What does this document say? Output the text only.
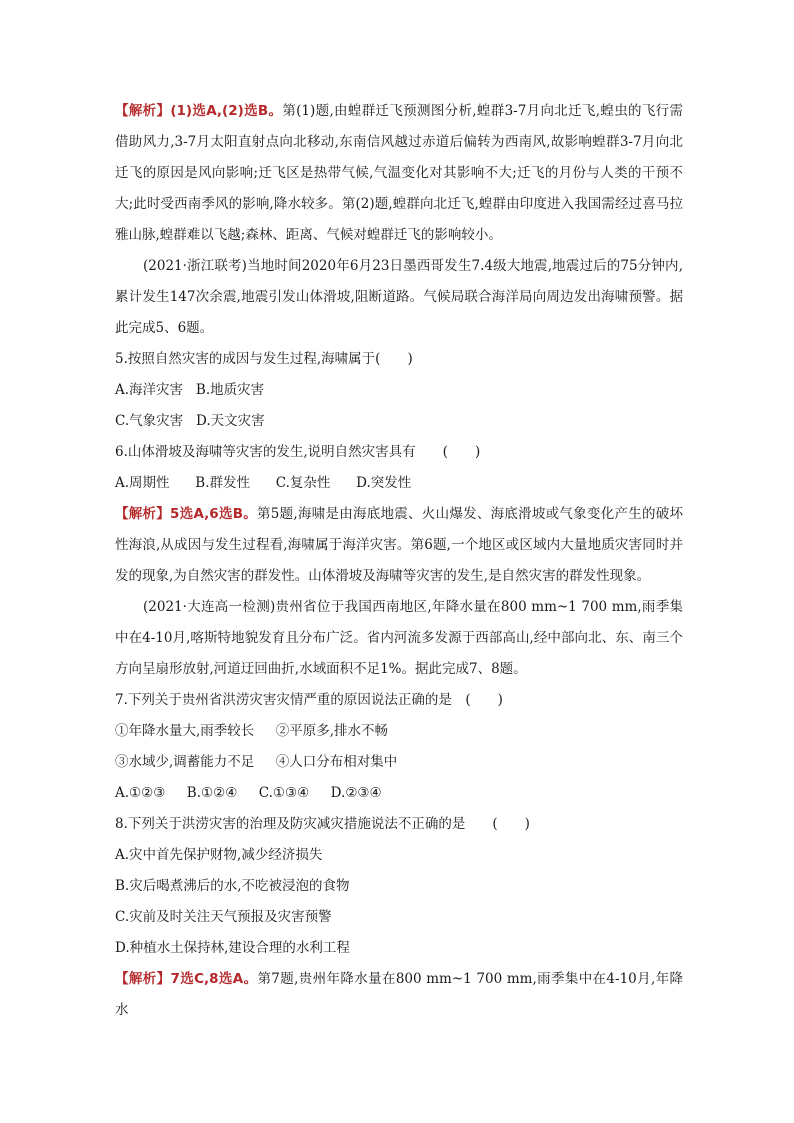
【解析】(1)选A,(2)选B。第(1)题,由蝗群迁飞预测图分析,蝗群3-7月向北迁飞,蝗虫的飞行需借助风力,3-7月太阳直射点向北移动,东南信风越过赤道后偏转为西南风,故影响蝗群3-7月向北迁飞的原因是风向影响;迁飞区是热带气候,气温变化对其影响不大;迁飞的月份与人类的干预不大;此时受西南季风的影响,降水较多。第(2)题,蝗群向北迁飞,蝗群由印度进入我国需经过喜马拉雅山脉,蝗群难以飞越;森林、距离、气候对蝗群迁飞的影响较小。

(2021·浙江联考)当地时间2020年6月23日墨西哥发生7.4级大地震,地震过后的75分钟内,累计发生147次余震,地震引发山体滑坡,阻断道路。气候局联合海洋局向周边发出海啸预警。据此完成5、6题。

5.按照自然灾害的成因与发生过程,海啸属于(　　)

A.海洋灾害   B.地质灾害

C.气象灾害   D.天文灾害

6.山体滑坡及海啸等灾害的发生,说明自然灾害具有　　(　　)

A.周期性      B.群发性      C.复杂性      D.突发性

【解析】5选A,6选B。第5题,海啸是由海底地震、火山爆发、海底滑坡或气象变化产生的破坏性海浪,从成因与发生过程看,海啸属于海洋灾害。第6题,一个地区或区域内大量地质灾害同时并发的现象,为自然灾害的群发性。山体滑坡及海啸等灾害的发生,是自然灾害的群发性现象。

(2021·大连高一检测)贵州省位于我国西南地区,年降水量在800 mm~1 700 mm,雨季集中在4-10月,喀斯特地貌发育且分布广泛。省内河流多发源于西部高山,经中部向北、东、南三个方向呈扇形放射,河道迂回曲折,水域面积不足1%。据此完成7、8题。

7.下列关于贵州省洪涝灾害灾情严重的原因说法正确的是　(　　)

①年降水量大,雨季较长     ②平原多,排水不畅

③水域少,调蓄能力不足     ④人口分布相对集中

A.①②③     B.①②④     C.①③④     D.②③④

8.下列关于洪涝灾害的治理及防灾减灾措施说法不正确的是　　(　　)

A.灾中首先保护财物,减少经济损失

B.灾后喝煮沸后的水,不吃被浸泡的食物

C.灾前及时关注天气预报及灾害预警

D.种植水土保持林,建设合理的水利工程

【解析】7选C,8选A。第7题,贵州年降水量在800 mm~1 700 mm,雨季集中在4-10月,年降水
